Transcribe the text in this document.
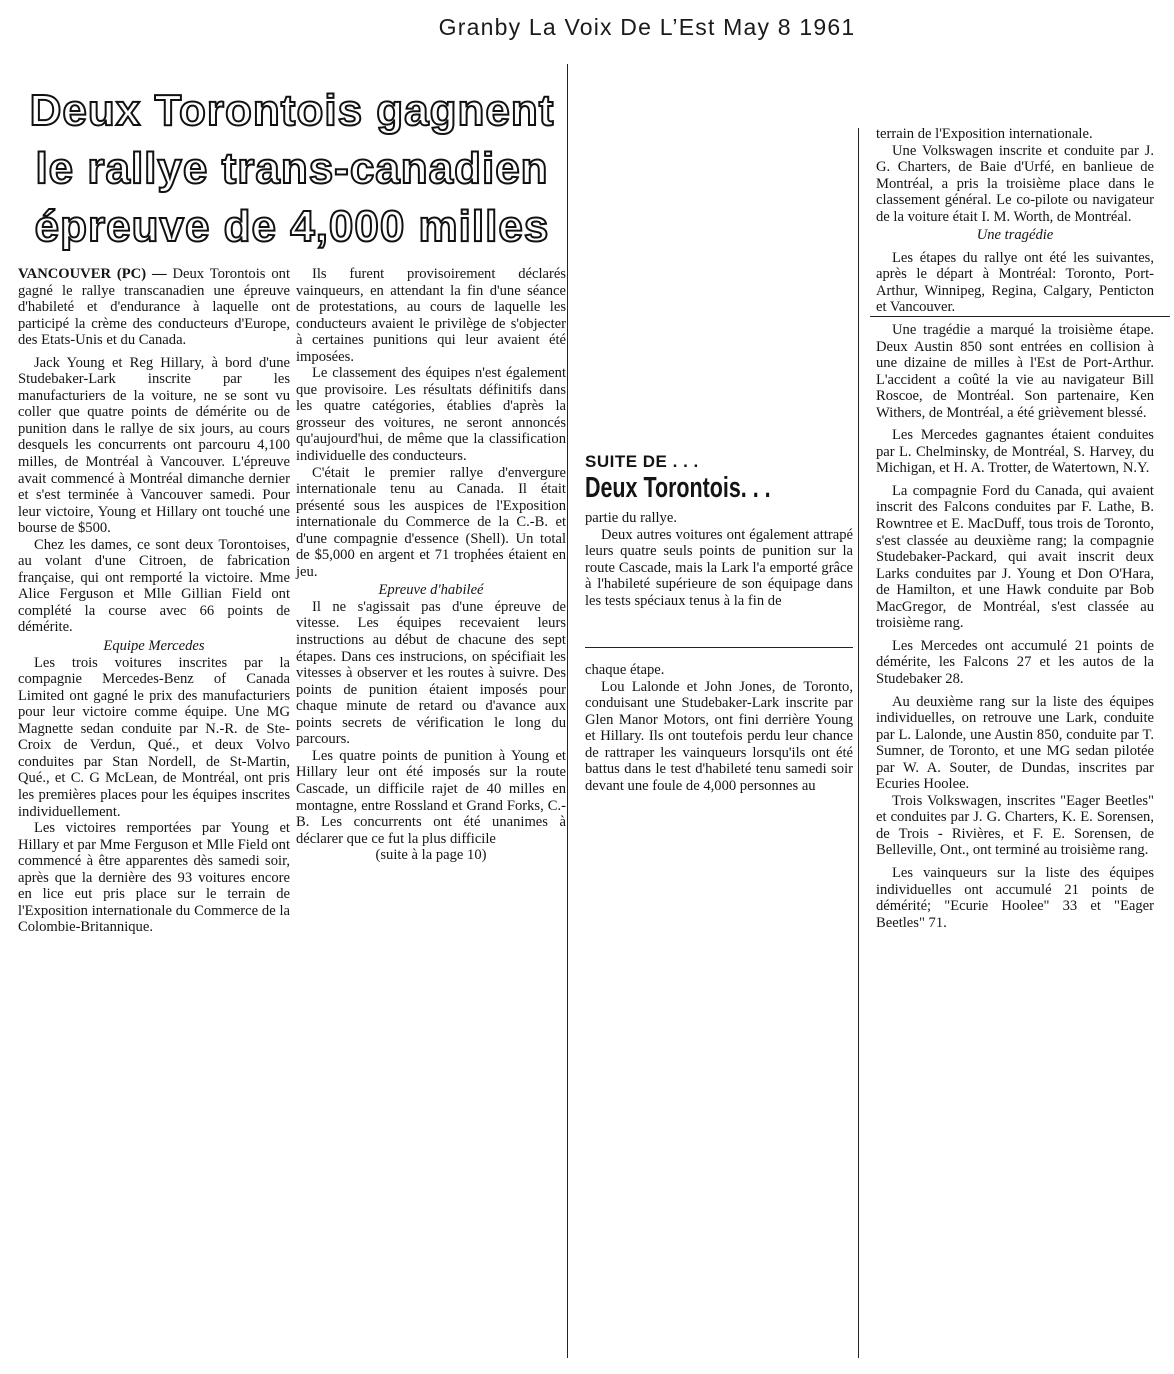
Granby La Voix De L’Est May 8 1961
Deux Torontois gagnent
le rallye trans-canadien
épreuve de 4,000 milles

VANCOUVER (PC) — Deux Torontois ont gagné le rallye transcanadien une épreuve d'habileté et d'endurance à laquelle ont participé la crème des conducteurs d'Europe, des Etats-Unis et du Canada.

Jack Young et Reg Hillary, à bord d'une Studebaker-Lark inscrite par les manufacturiers de la voiture, ne se sont vu coller que quatre points de démérite ou de punition dans le rallye de six jours, au cours desquels les concurrents ont parcouru 4,100 milles, de Montréal à Vancouver. L'épreuve avait commencé à Montréal dimanche dernier et s'est terminée à Vancouver samedi. Pour leur victoire, Young et Hillary ont touché une bourse de $500.

Chez les dames, ce sont deux Torontoises, au volant d'une Citroen, de fabrication française, qui ont remporté la victoire. Mme Alice Ferguson et Mlle Gillian Field ont complété la course avec 66 points de démérite.

Equipe Mercedes

Les trois voitures inscrites par la compagnie Mercedes-Benz of Canada Limited ont gagné le prix des manufacturiers pour leur victoire comme équipe. Une MG Magnette sedan conduite par N.-R. de Ste-Croix de Verdun, Qué., et deux Volvo conduites par Stan Nordell, de St-Martin, Qué., et C. G McLean, de Montréal, ont pris les premières places pour les équipes inscrites individuellement.

Les victoires remportées par Young et Hillary et par Mme Ferguson et Mlle Field ont commencé à être apparentes dès samedi soir, après que la dernière des 93 voitures encore en lice eut pris place sur le terrain de l'Exposition internationale du Commerce de la Colombie-Britannique.

Ils furent provisoirement déclarés vainqueurs, en attendant la fin d'une séance de protestations, au cours de laquelle les conducteurs avaient le privilège de s'objecter à certaines punitions qui leur avaient été imposées.

Le classement des équipes n'est également que provisoire. Les résultats définitifs dans les quatre catégories, établies d'après la grosseur des voitures, ne seront annoncés qu'aujourd'hui, de même que la classification individuelle des conducteurs.

C'était le premier rallye d'envergure internationale tenu au Canada. Il était présenté sous les auspices de l'Exposition internationale du Commerce de la C.-B. et d'une compagnie d'essence (Shell). Un total de $5,000 en argent et 71 trophées étaient en jeu.

Epreuve d'habileé

Il ne s'agissait pas d'une épreuve de vitesse. Les équipes recevaient leurs instructions au début de chacune des sept étapes. Dans ces instrucions, on spécifiait les vitesses à observer et les routes à suivre. Des points de punition étaient imposés pour chaque minute de retard ou d'avance aux points secrets de vérification le long du parcours.

Les quatre points de punition à Young et Hillary leur ont été imposés sur la route Cascade, un difficile rajet de 40 milles en montagne, entre Rossland et Grand Forks, C.-B. Les concurrents ont été unanimes à déclarer que ce fut la plus difficile

(suite à la page 10)
SUITE DE . . .
Deux Torontois. . .

partie du rallye.

Deux autres voitures ont également attrapé leurs quatre seuls points de punition sur la route Cascade, mais la Lark l'a emporté grâce à l'habileté supérieure de son équipage dans les tests spéciaux tenus à la fin de

chaque étape.

Lou Lalonde et John Jones, de Toronto, conduisant une Studebaker-Lark inscrite par Glen Manor Motors, ont fini derrière Young et Hillary. Ils ont toutefois perdu leur chance de rattraper les vainqueurs lorsqu'ils ont été battus dans le test d'habileté tenu samedi soir devant une foule de 4,000 personnes au

terrain de l'Exposition internationale.

Une Volkswagen inscrite et conduite par J. G. Charters, de Baie d'Urfé, en banlieue de Montréal, a pris la troisième place dans le classement général. Le co-pilote ou navigateur de la voiture était I. M. Worth, de Montréal.

Une tragédie

Les étapes du rallye ont été les suivantes, après le départ à Montréal: Toronto, Port-Arthur, Winnipeg, Regina, Calgary, Penticton et Vancouver.

Une tragédie a marqué la troisième étape. Deux Austin 850 sont entrées en collision à une dizaine de milles à l'Est de Port-Arthur. L'accident a coûté la vie au navigateur Bill Roscoe, de Montréal. Son partenaire, Ken Withers, de Montréal, a été grièvement blessé.

Les Mercedes gagnantes étaient conduites par L. Chelminsky, de Montréal, S. Harvey, du Michigan, et H. A. Trotter, de Watertown, N.Y.

La compagnie Ford du Canada, qui avaient inscrit des Falcons conduites par F. Lathe, B. Rowntree et E. MacDuff, tous trois de Toronto, s'est classée au deuxième rang; la compagnie Studebaker-Packard, qui avait inscrit deux Larks conduites par J. Young et Don O'Hara, de Hamilton, et une Hawk conduite par Bob MacGregor, de Montréal, s'est classée au troisième rang.

Les Mercedes ont accumulé 21 points de démérite, les Falcons 27 et les autos de la Studebaker 28.

Au deuxième rang sur la liste des équipes individuelles, on retrouve une Lark, conduite par L. Lalonde, une Austin 850, conduite par T. Sumner, de Toronto, et une MG sedan pilotée par W. A. Souter, de Dundas, inscrites par Ecuries Hoolee.

Trois Volkswagen, inscrites "Eager Beetles" et conduites par J. G. Charters, K. E. Sorensen, de Trois - Rivières, et F. E. Sorensen, de Belleville, Ont., ont terminé au troisième rang.

Les vainqueurs sur la liste des équipes individuelles ont accumulé 21 points de démérité; "Ecurie Hoolee" 33 et "Eager Beetles" 71.
